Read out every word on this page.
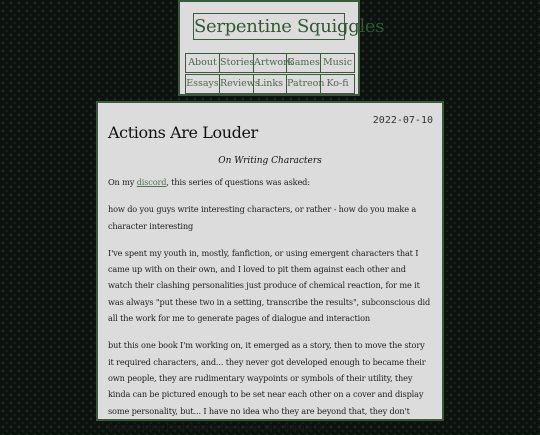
Serpentine Squiggles
About Stories Artwork
Games Music
Essays Reviews
Links Patreon Ko-fi
2022-07-10
Actions Are Louder
On Writing Characters

On my discord, this series of questions was asked:

how do you guys write interesting characters, or rather - how do you make a character interesting

I've spent my youth in, mostly, fanfiction, or using emergent characters that I came up with on their own, and I loved to pit them against each other and watch their clashing personalities just produce of chemical reaction, for me it was always "put these two in a setting, transcribe the results", subconscious did all the work for me to generate pages of dialogue and interaction

but this one book I'm working on, it emerged as a story, then to move the story it required characters, and... they never got developed enough to became their own people, they are rudimentary waypoints or symbols of their utility, they kinda can be pictured enough to be set near each other on a cover and display some personality, but... I have no idea who they are beyond that, they don't interact when I put them in the scene, they fumble for
